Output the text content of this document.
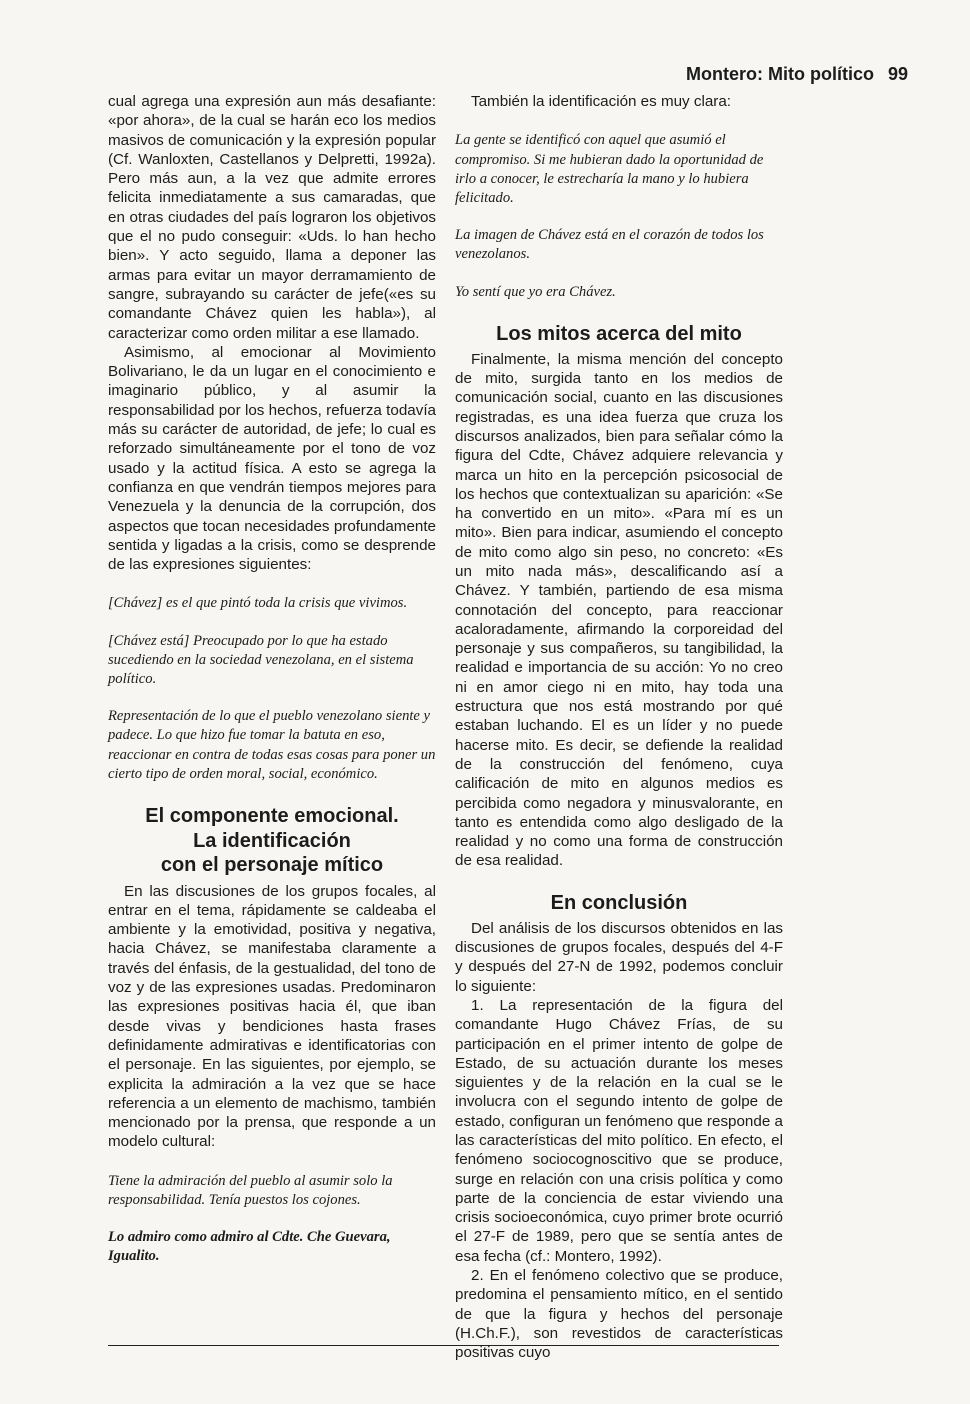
Montero: Mito político 99

cual agrega una expresión aun más desafiante: «por ahora», de la cual se harán eco los medios masivos de comunicación y la expresión popular (Cf. Wanloxten, Castellanos y Delpretti, 1992a). Pero más aun, a la vez que admite errores felicita inmediatamente a sus camaradas, que en otras ciudades del país lograron los objetivos que el no pudo conseguir: «Uds. lo han hecho bien». Y acto seguido, llama a deponer las armas para evitar un mayor derramamiento de sangre, subrayando su carácter de jefe(«es su comandante Chávez quien les habla»), al caracterizar como orden militar a ese llamado.

Asimismo, al emocionar al Movimiento Bolivariano, le da un lugar en el conocimiento e imaginario público, y al asumir la responsabilidad por los hechos, refuerza todavía más su carácter de autoridad, de jefe; lo cual es reforzado simultáneamente por el tono de voz usado y la actitud física. A esto se agrega la confianza en que vendrán tiempos mejores para Venezuela y la denuncia de la corrupción, dos aspectos que tocan necesidades profundamente sentida y ligadas a la crisis, como se desprende de las expresiones siguientes:

[Chávez] es el que pintó toda la crisis que vivimos.
[Chávez está] Preocupado por lo que ha estado sucediendo en la sociedad venezolana, en el sistema político.
Representación de lo que el pueblo venezolano siente y padece. Lo que hizo fue tomar la batuta en eso, reaccionar en contra de todas esas cosas para poner un cierto tipo de orden moral, social, económico.
El componente emocional.
La identificación
con el personaje mítico

En las discusiones de los grupos focales, al entrar en el tema, rápidamente se caldeaba el ambiente y la emotividad, positiva y negativa, hacia Chávez, se manifestaba claramente a través del énfasis, de la gestualidad, del tono de voz y de las expresiones usadas. Predominaron las expresiones positivas hacia él, que iban desde vivas y bendiciones hasta frases definidamente admirativas e identificatorias con el personaje. En las siguientes, por ejemplo, se explicita la admiración a la vez que se hace referencia a un elemento de machismo, también mencionado por la prensa, que responde a un modelo cultural:

Tiene la admiración del pueblo al asumir solo la responsabilidad. Tenía puestos los cojones.
Lo admiro como admiro al Cdte. Che Guevara, Igualito.

También la identificación es muy clara:

La gente se identificó con aquel que asumió el compromiso. Si me hubieran dado la oportunidad de irlo a conocer, le estrecharía la mano y lo hubiera felicitado.
La imagen de Chávez está en el corazón de todos los venezolanos.
Yo sentí que yo era Chávez.
Los mitos acerca del mito

Finalmente, la misma mención del concepto de mito, surgida tanto en los medios de comunicación social, cuanto en las discusiones registradas, es una idea fuerza que cruza los discursos analizados, bien para señalar cómo la figura del Cdte, Chávez adquiere relevancia y marca un hito en la percepción psicosocial de los hechos que contextualizan su aparición: «Se ha convertido en un mito». «Para mí es un mito». Bien para indicar, asumiendo el concepto de mito como algo sin peso, no concreto: «Es un mito nada más», descalificando así a Chávez. Y también, partiendo de esa misma connotación del concepto, para reaccionar acaloradamente, afirmando la corporeidad del personaje y sus compañeros, su tangibilidad, la realidad e importancia de su acción: Yo no creo ni en amor ciego ni en mito, hay toda una estructura que nos está mostrando por qué estaban luchando. El es un líder y no puede hacerse mito. Es decir, se defiende la realidad de la construcción del fenómeno, cuya calificación de mito en algunos medios es percibida como negadora y minusvalorante, en tanto es entendida como algo desligado de la realidad y no como una forma de construcción de esa realidad.

En conclusión

Del análisis de los discursos obtenidos en las discusiones de grupos focales, después del 4-F y después del 27-N de 1992, podemos concluir lo siguiente:

1. La representación de la figura del comandante Hugo Chávez Frías, de su participación en el primer intento de golpe de Estado, de su actuación durante los meses siguientes y de la relación en la cual se le involucra con el segundo intento de golpe de estado, configuran un fenómeno que responde a las características del mito político. En efecto, el fenómeno sociocognoscitivo que se produce, surge en relación con una crisis política y como parte de la conciencia de estar viviendo una crisis socioeconómica, cuyo primer brote ocurrió el 27-F de 1989, pero que se sentía antes de esa fecha (cf.: Montero, 1992).

2. En el fenómeno colectivo que se produce, predomina el pensamiento mítico, en el sentido de que la figura y hechos del personaje (H.Ch.F.), son revestidos de características positivas cuyo
